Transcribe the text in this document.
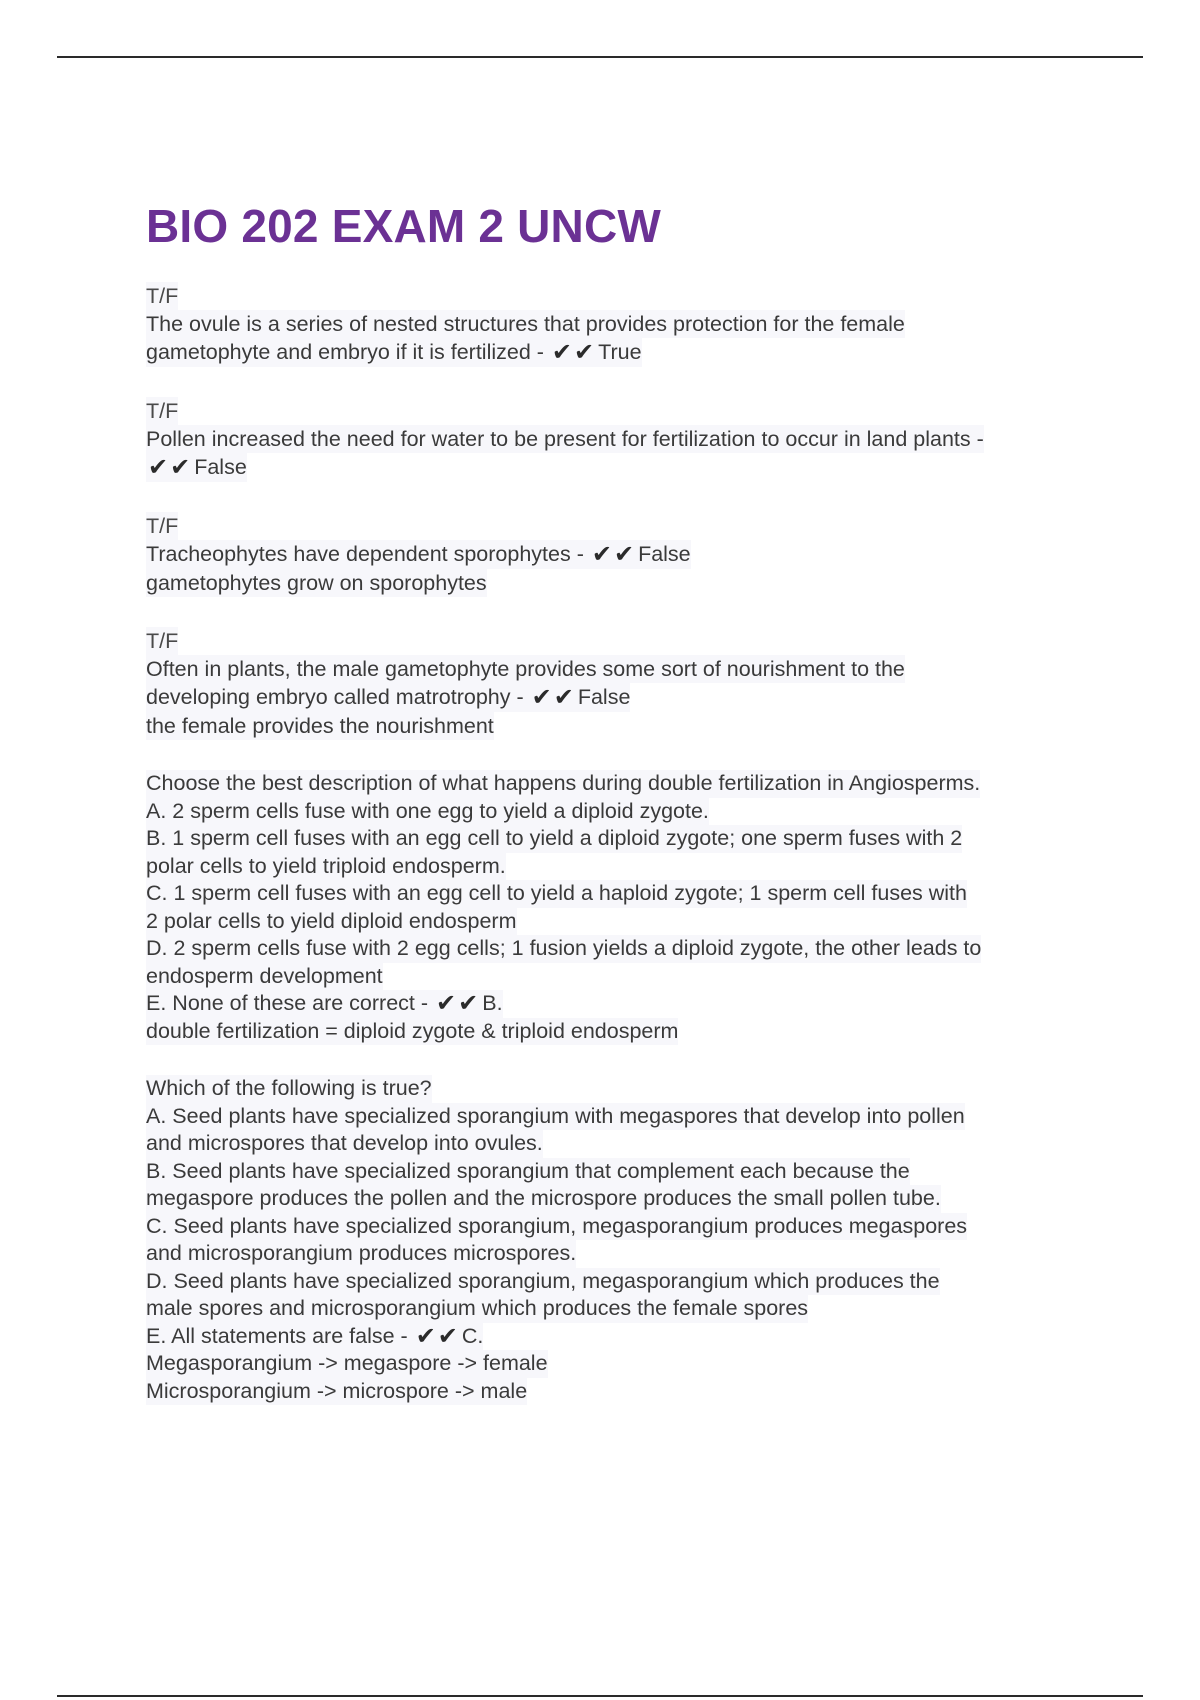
BIO 202 EXAM 2 UNCW
T/F
The ovule is a series of nested structures that provides protection for the female
gametophyte and embryo if it is fertilized - ✔✔True
T/F
Pollen increased the need for water to be present for fertilization to occur in land plants -
✔✔False
T/F
Tracheophytes have dependent sporophytes - ✔✔False
gametophytes grow on sporophytes
T/F
Often in plants, the male gametophyte provides some sort of nourishment to the
developing embryo called matrotrophy - ✔✔False
the female provides the nourishment
Choose the best description of what happens during double fertilization in Angiosperms.
A. 2 sperm cells fuse with one egg to yield a diploid zygote.
B. 1 sperm cell fuses with an egg cell to yield a diploid zygote; one sperm fuses with 2
polar cells to yield triploid endosperm.
C. 1 sperm cell fuses with an egg cell to yield a haploid zygote; 1 sperm cell fuses with
2 polar cells to yield diploid endosperm
D. 2 sperm cells fuse with 2 egg cells; 1 fusion yields a diploid zygote, the other leads to
endosperm development
E. None of these are correct - ✔✔B.
double fertilization = diploid zygote & triploid endosperm
Which of the following is true?
A. Seed plants have specialized sporangium with megaspores that develop into pollen
and microspores that develop into ovules.
B. Seed plants have specialized sporangium that complement each because the
megaspore produces the pollen and the microspore produces the small pollen tube.
C. Seed plants have specialized sporangium, megasporangium produces megaspores
and microsporangium produces microspores.
D. Seed plants have specialized sporangium, megasporangium which produces the
male spores and microsporangium which produces the female spores
E. All statements are false - ✔✔C.
Megasporangium -> megaspore -> female
Microsporangium -> microspore -> male
